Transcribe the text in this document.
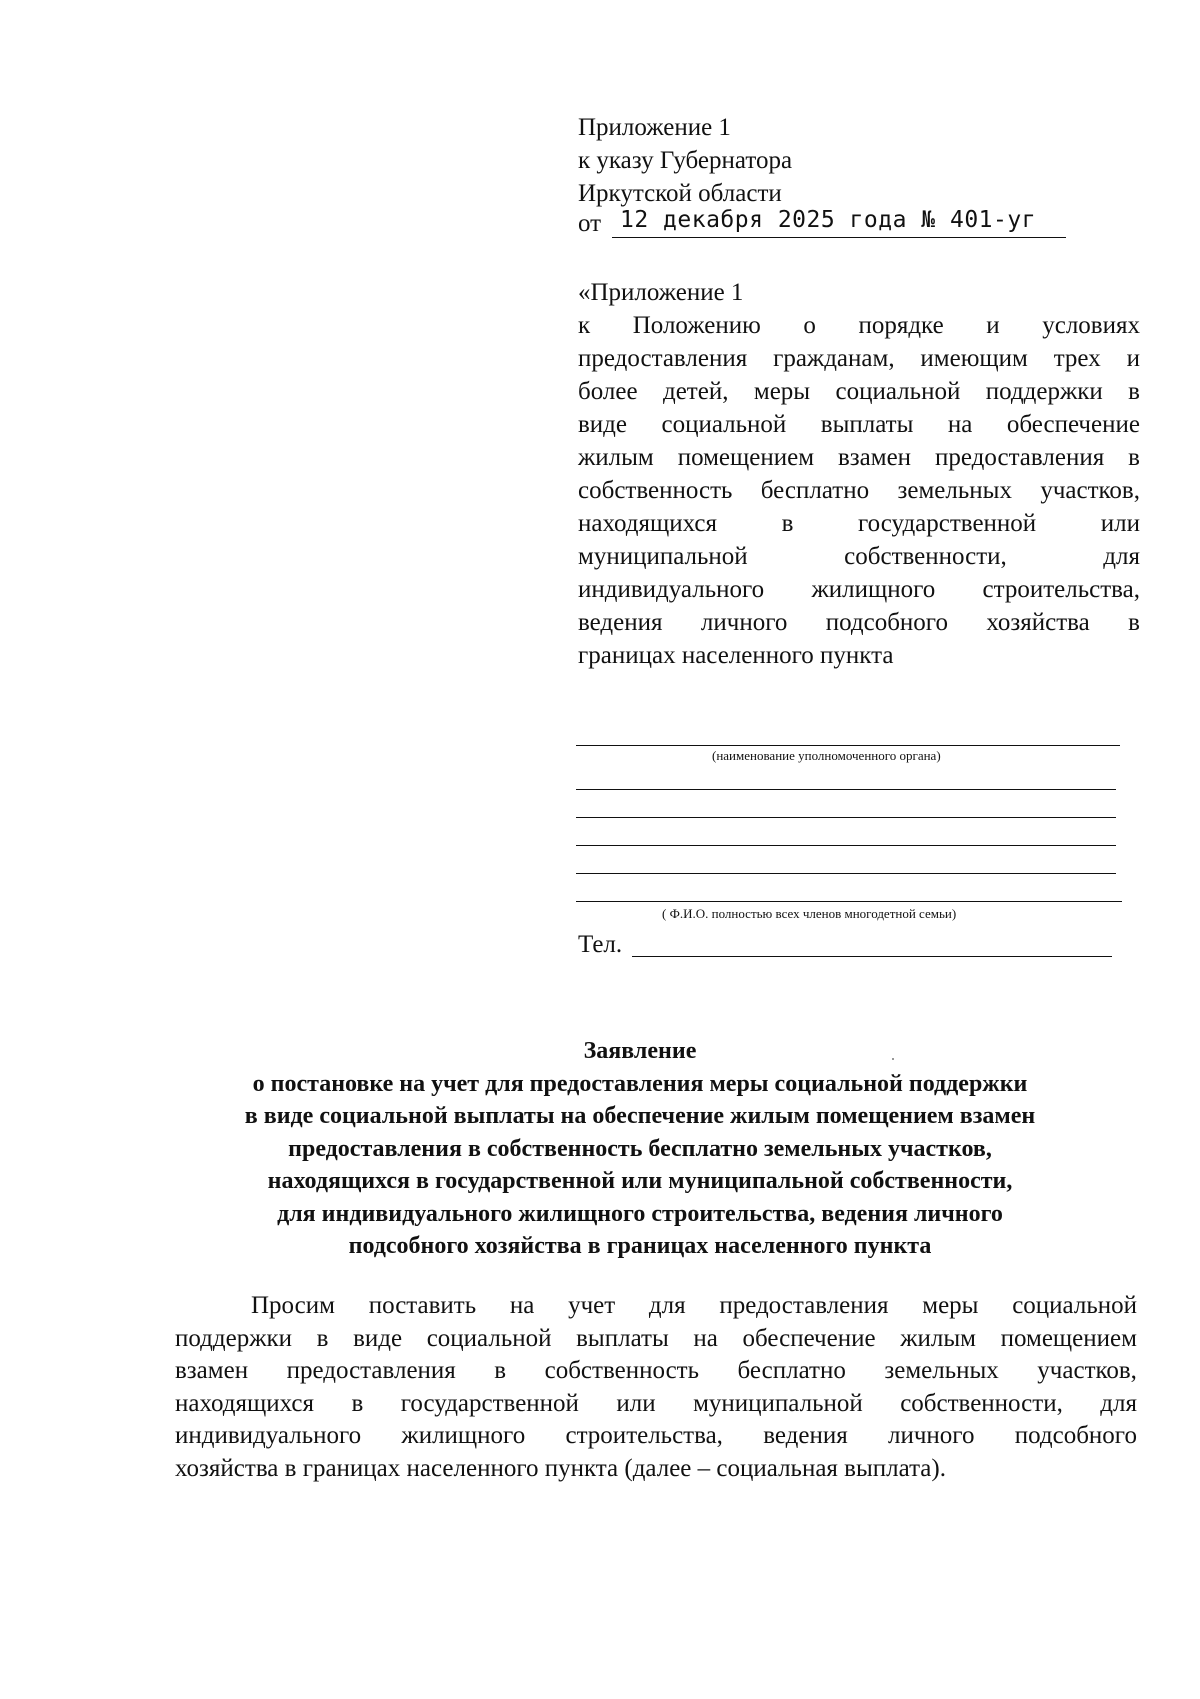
Приложение 1
к указу Губернатора
Иркутской области
от 12 декабря 2025 года № 401-уг
«Приложение 1
к Положению о порядке и условиях
предоставления гражданам, имеющим трех и
более детей, меры социальной поддержки в
виде социальной выплаты на обеспечение
жилым помещением взамен предоставления в
собственность бесплатно земельных участков,
находящихся	в	государственной	или
муниципальной	собственности,	для
индивидуального жилищного строительства,
ведения личного подсобного хозяйства в
границах населенного пункта
(наименование уполномоченного органа)
( Ф.И.О. полностью всех членов многодетной семьи)
Тел.
Заявление
о постановке на учет для предоставления меры социальной поддержки
в виде социальной выплаты на обеспечение жилым помещением взамен
предоставления в собственность бесплатно земельных участков,
находящихся в государственной или муниципальной собственности,
для индивидуального жилищного строительства, ведения личного
подсобного хозяйства в границах населенного пункта
Просим поставить на учет для предоставления меры социальной
поддержки в виде социальной выплаты на обеспечение жилым помещением
взамен предоставления в собственность бесплатно земельных участков,
находящихся в государственной или муниципальной собственности, для
индивидуального жилищного строительства, ведения личного подсобного
хозяйства в границах населенного пункта (далее – социальная выплата).
